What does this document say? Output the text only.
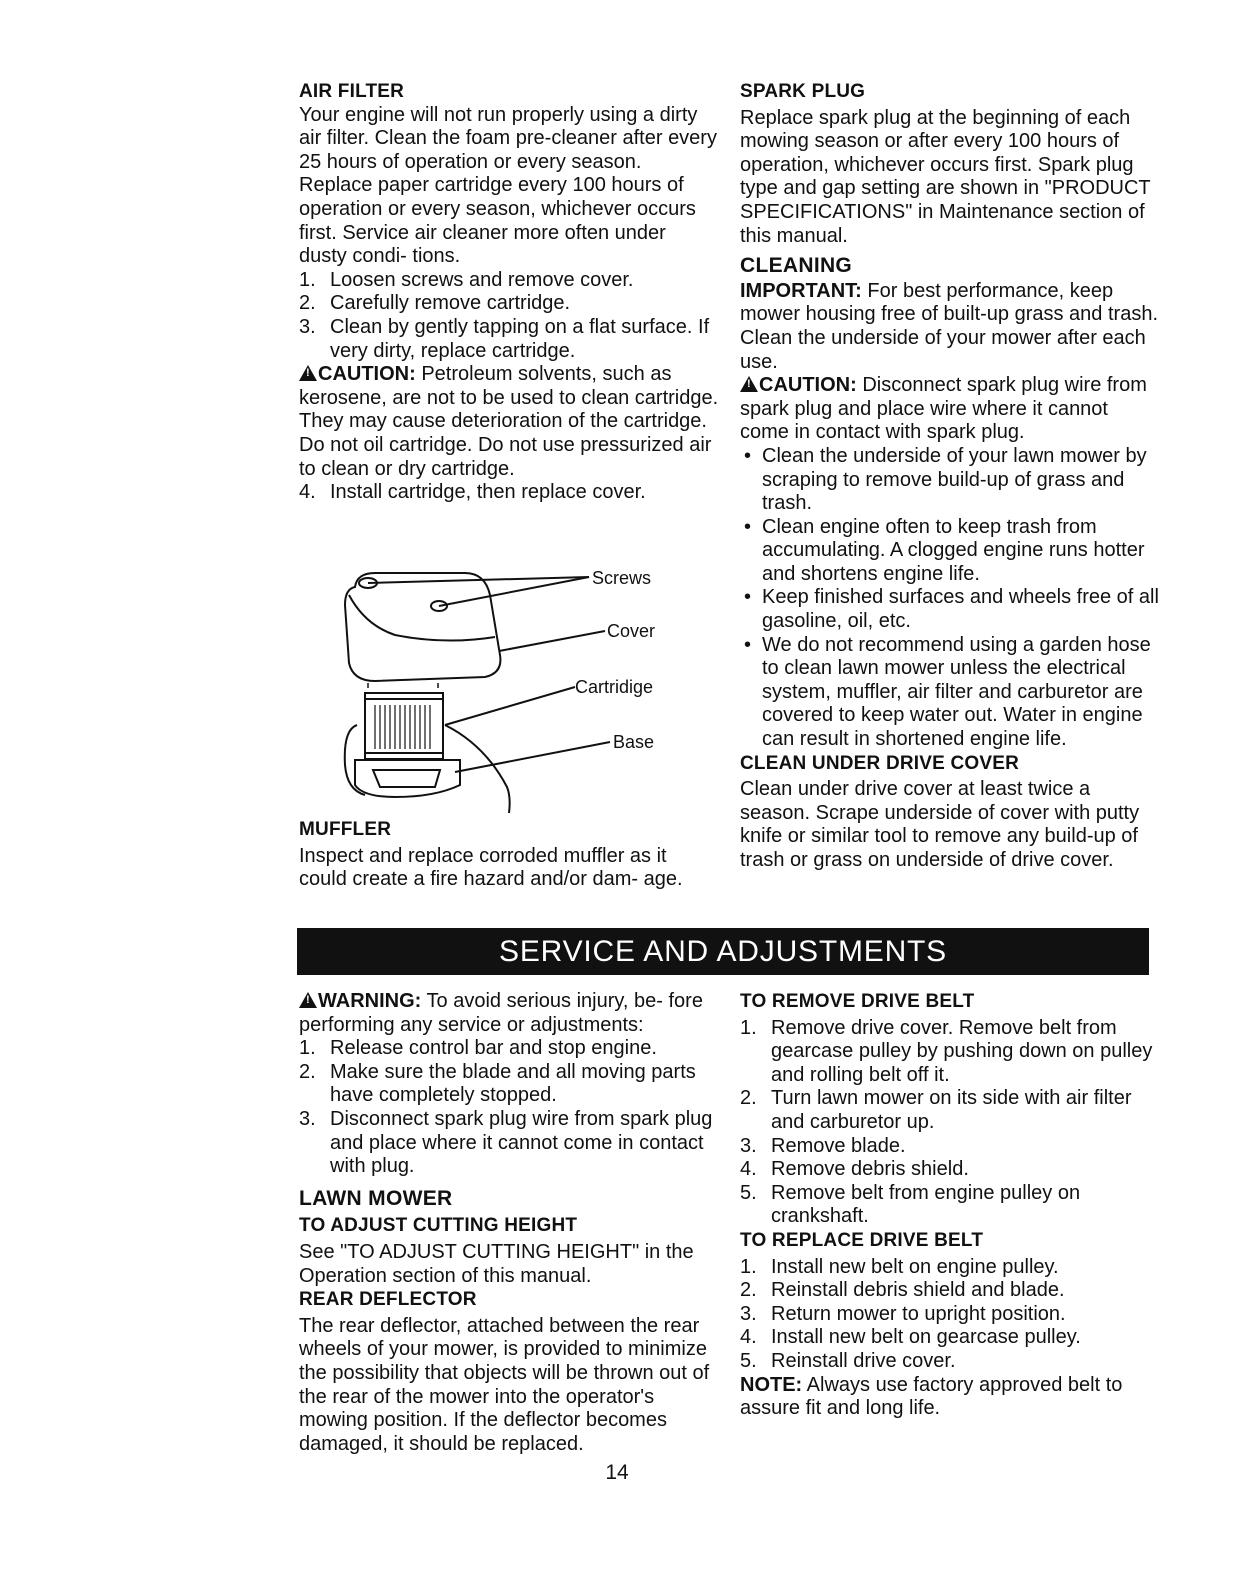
AIR FILTER

Your engine will not run properly using a dirty air filter. Clean the foam pre-cleaner after every 25 hours of operation or every season. Replace paper cartridge every 100 hours of operation or every season, whichever occurs first. Service air cleaner more often under dusty condi- tions.

1. Loosen screws and remove cover.
2. Carefully remove cartridge.
3. Clean by gently tapping on a flat surface. If very dirty, replace cartridge.

!CAUTION: Petroleum solvents, such as kerosene, are not to be used to clean cartridge. They may cause deterioration of the cartridge. Do not oil cartridge. Do not use pressurized air to clean or dry cartridge.

4. Install cartridge, then replace cover.
Screws
Cover
Cartridige
Base
MUFFLER

Inspect and replace corroded muffler as it could create a fire hazard and/or dam- age.

SPARK PLUG

Replace spark plug at the beginning of each mowing season or after every 100 hours of operation, whichever occurs first. Spark plug type and gap setting are shown in "PRODUCT SPECIFICATIONS" in Maintenance section of this manual.

CLEANING

IMPORTANT: For best performance, keep mower housing free of built-up grass and trash. Clean the underside of your mower after each use.

!CAUTION: Disconnect spark plug wire from spark plug and place wire where it cannot come in contact with spark plug.

• Clean the underside of your lawn mower by scraping to remove build-up of grass and trash.
• Clean engine often to keep trash from accumulating. A clogged engine runs hotter and shortens engine life.
• Keep finished surfaces and wheels free of all gasoline, oil, etc.
• We do not recommend using a garden hose to clean lawn mower unless the electrical system, muffler, air filter and carburetor are covered to keep water out. Water in engine can result in shortened engine life.
CLEAN UNDER DRIVE COVER

Clean under drive cover at least twice a season. Scrape underside of cover with putty knife or similar tool to remove any build-up of trash or grass on underside of drive cover.

SERVICE AND ADJUSTMENTS

!WARNING: To avoid serious injury, be- fore performing any service or adjustments:

1. Release control bar and stop engine.
2. Make sure the blade and all moving parts have completely stopped.
3. Disconnect spark plug wire from spark plug and place where it cannot come in contact with plug.
LAWN MOWER
TO ADJUST CUTTING HEIGHT

See "TO ADJUST CUTTING HEIGHT" in the Operation section of this manual.

REAR DEFLECTOR

The rear deflector, attached between the rear wheels of your mower, is provided to minimize the possibility that objects will be thrown out of the rear of the mower into the operator's mowing position. If the deflector becomes damaged, it should be replaced.

TO REMOVE DRIVE BELT
1. Remove drive cover. Remove belt from gearcase pulley by pushing down on pulley and rolling belt off it.
2. Turn lawn mower on its side with air filter and carburetor up.
3. Remove blade.
4. Remove debris shield.
5. Remove belt from engine pulley on crankshaft.
TO REPLACE DRIVE BELT
1. Install new belt on engine pulley.
2. Reinstall debris shield and blade.
3. Return mower to upright position.
4. Install new belt on gearcase pulley.
5. Reinstall drive cover.

NOTE: Always use factory approved belt to assure fit and long life.

14
